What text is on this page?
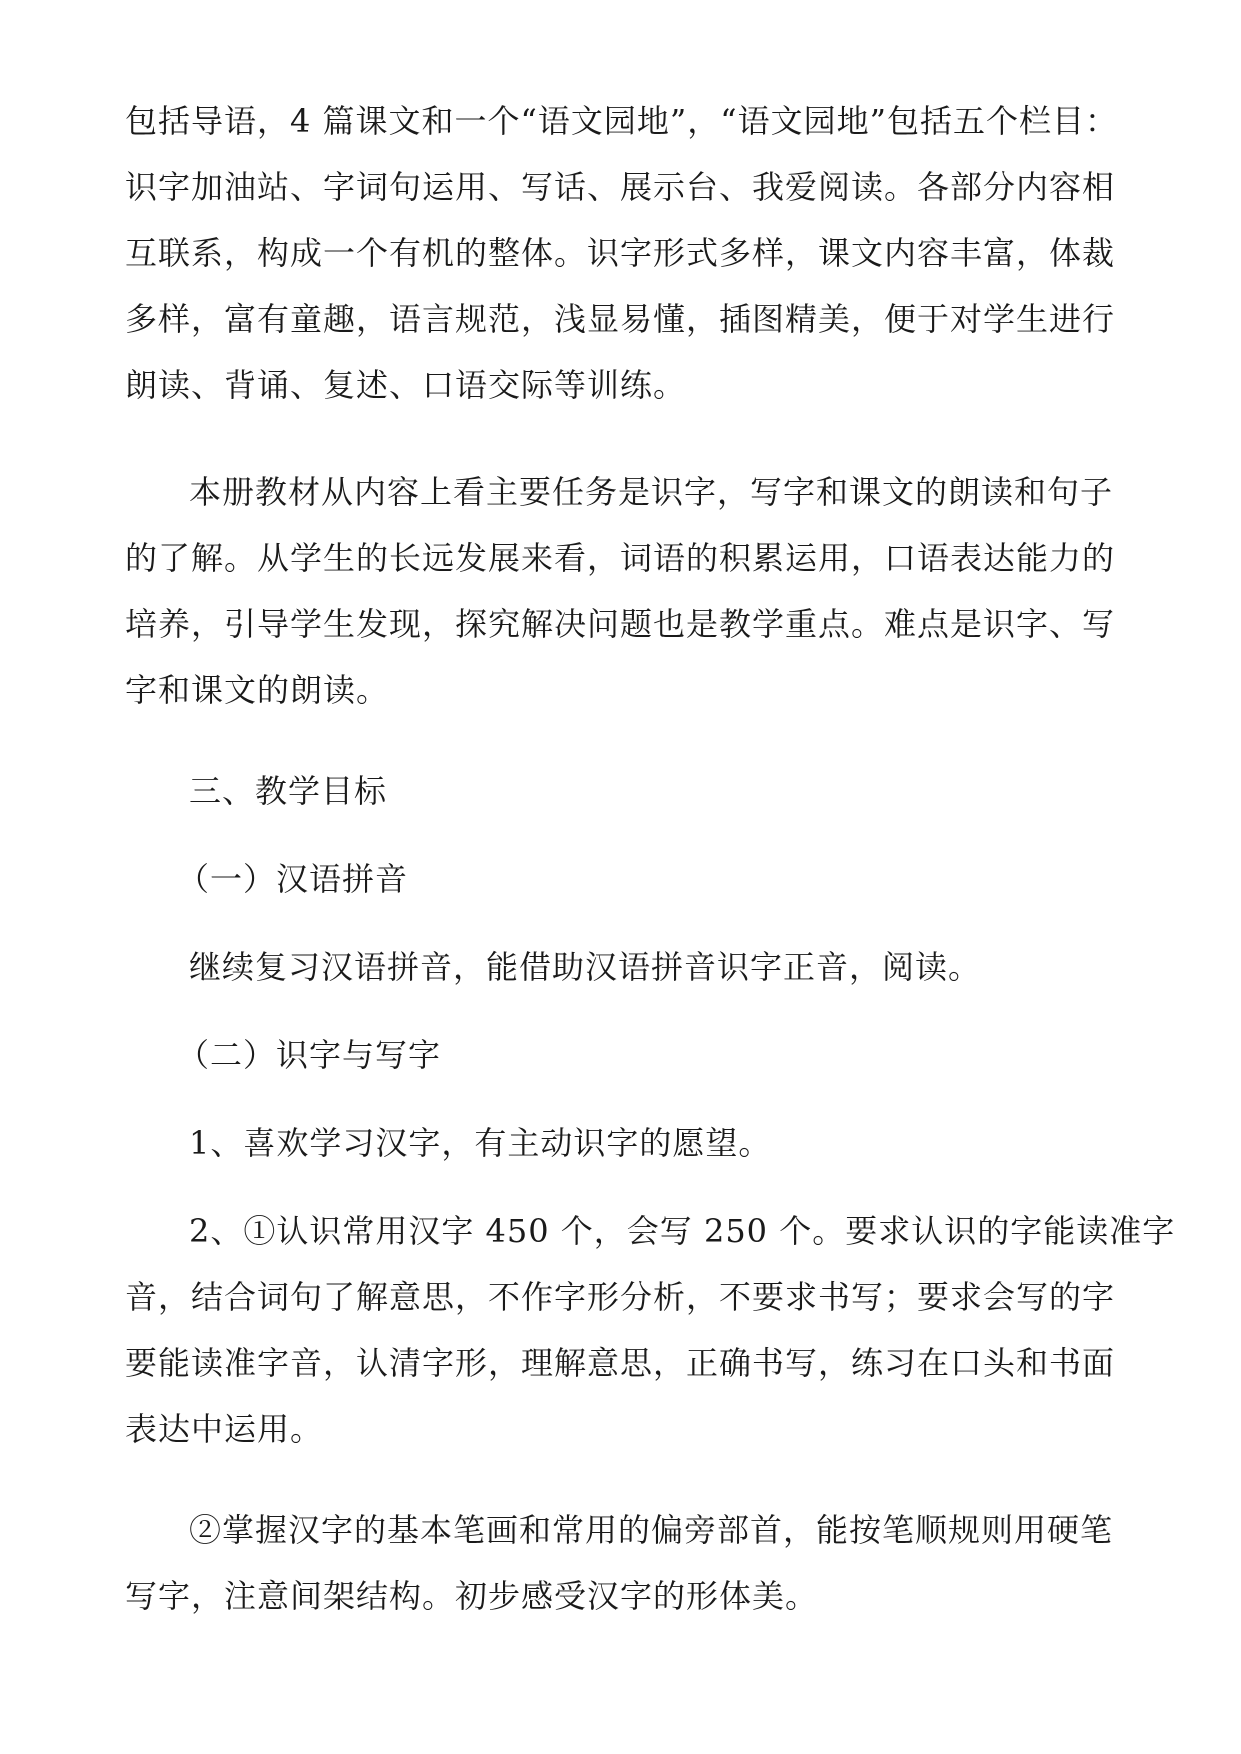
包括导语，4 篇课文和一个“语文园地”，“语文园地”包括五个栏目：
识字加油站、字词句运用、写话、展示台、我爱阅读。各部分内容相
互联系，构成一个有机的整体。识字形式多样，课文内容丰富，体裁
多样，富有童趣，语言规范，浅显易懂，插图精美，便于对学生进行
朗读、背诵、复述、口语交际等训练。

本册教材从内容上看主要任务是识字，写字和课文的朗读和句子
的了解。从学生的长远发展来看，词语的积累运用，口语表达能力的
培养，引导学生发现，探究解决问题也是教学重点。难点是识字、写
字和课文的朗读。

三、教学目标

（一）汉语拼音

继续复习汉语拼音，能借助汉语拼音识字正音，阅读。

（二）识字与写字

1、喜欢学习汉字，有主动识字的愿望。

2、①认识常用汉字 450 个，会写 250 个。要求认识的字能读准字
音，结合词句了解意思，不作字形分析，不要求书写；要求会写的字
要能读准字音，认清字形，理解意思，正确书写，练习在口头和书面
表达中运用。

②掌握汉字的基本笔画和常用的偏旁部首，能按笔顺规则用硬笔
写字，注意间架结构。初步感受汉字的形体美。
